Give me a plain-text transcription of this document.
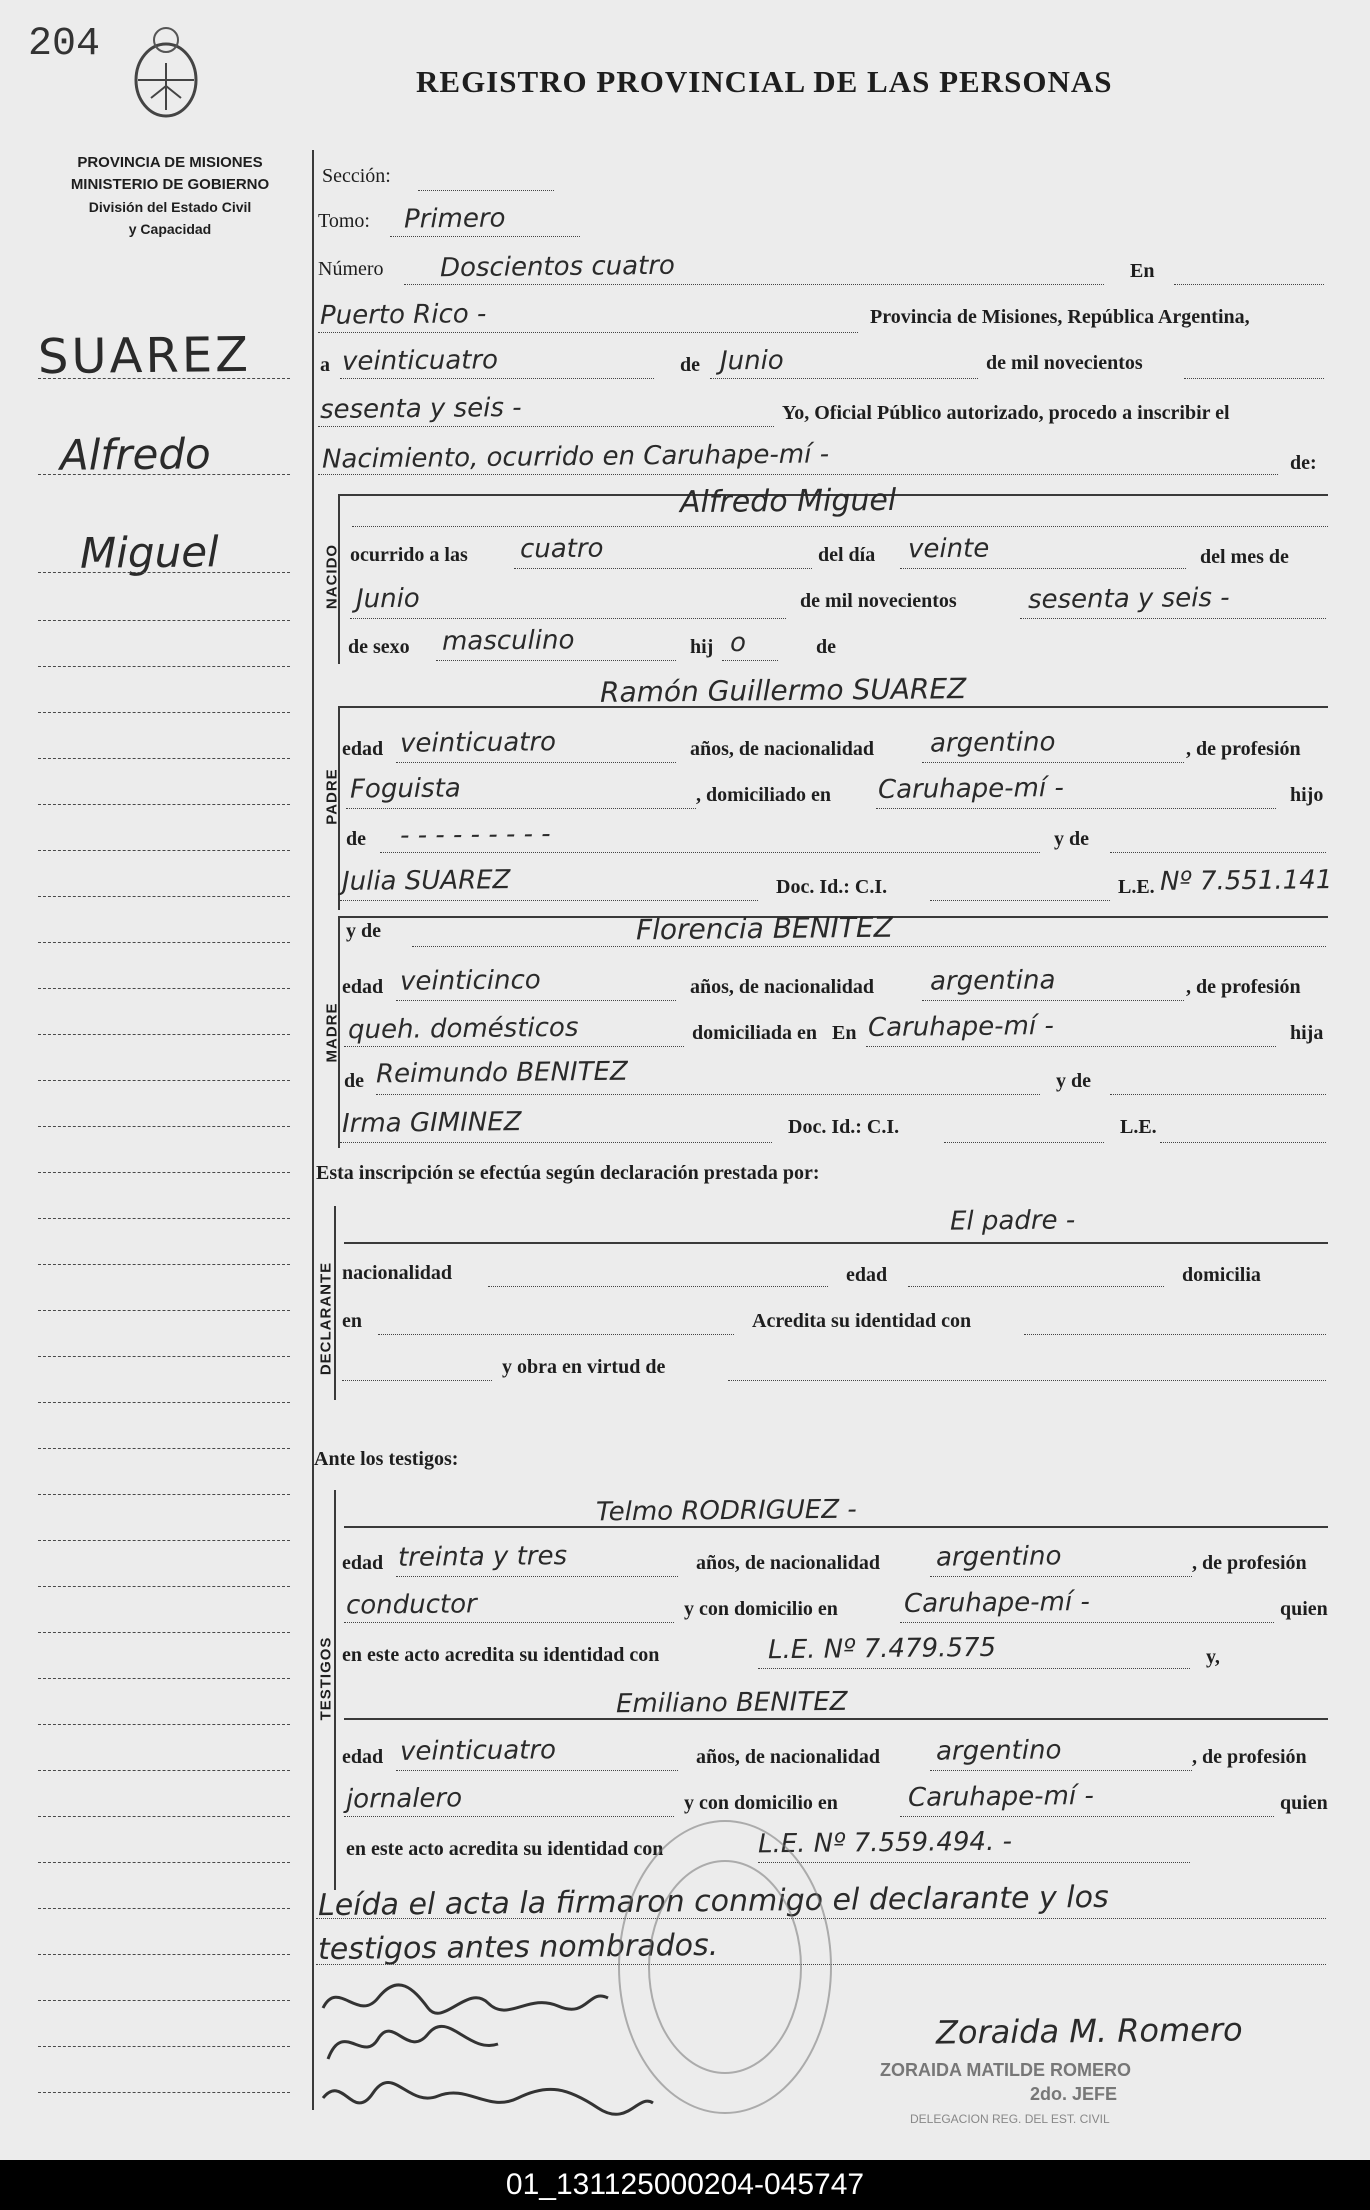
204
REGISTRO PROVINCIAL DE LAS PERSONAS
PROVINCIA DE MISIONES
MINISTERIO DE GOBIERNO
División del Estado Civil
y Capacidad
SUAREZ
Alfredo
Miguel
Sección:
Tomo: Primero
Número Doscientos cuatro	En
Puerto Rico -	Provincia de Misiones, República Argentina,
a veinticuatro	de Junio	de mil novecientos
sesenta y seis -	Yo, Oficial Público autorizado, procedo a inscribir el
Nacimiento, ocurrido en Caruhape-mí -	de:
NACIDO
Alfredo Miguel
ocurrido a las cuatro	del día veinte	del mes de
Junio	de mil novecientos	sesenta y seis -
de sexo masculino	hij o	de
PADRE
Ramón Guillermo SUAREZ
edad veinticuatro	años, de nacionalidad argentino	, de profesión
Foguista	, domiciliado en Caruhape-mí -	hijo
de - - - - - - - - -	y de
Julia SUAREZ	Doc. Id.: C.I.	L.E. Nº 7.551.141
MADRE
y de	Florencia BENITEZ
edad veinticinco	años, de nacionalidad argentina	, de profesión
queh. domésticos	domiciliada en En Caruhape-mí -	hija
de Reimundo BENITEZ	y de
Irma GIMINEZ	Doc. Id.: C.I.	L.E.
Esta inscripción se efectúa según declaración prestada por:
DECLARANTE
El padre -
nacionalidad	edad	domicilia
en	Acredita su identidad con
y obra en virtud de
Ante los testigos:
TESTIGOS
Telmo RODRIGUEZ -
edad treinta y tres	años, de nacionalidad argentino	, de profesión
conductor	y con domicilio en	Caruhape-mí -	quien
en este acto acredita su identidad con	L.E. Nº 7.479.575	y,
Emiliano BENITEZ
edad veinticuatro	años, de nacionalidad argentino	, de profesión
jornalero	y con domicilio en	Caruhape-mí -	quien
en este acto acredita su identidad con	L.E. Nº 7.559.494. -
Leída el acta la firmaron conmigo el declarante y los
testigos antes nombrados.
Zoraida M. Romero
ZORAIDA MATILDE ROMERO
2do. JEFE
DELEGACION REG. DEL EST. CIVIL
01_131125000204-045747
